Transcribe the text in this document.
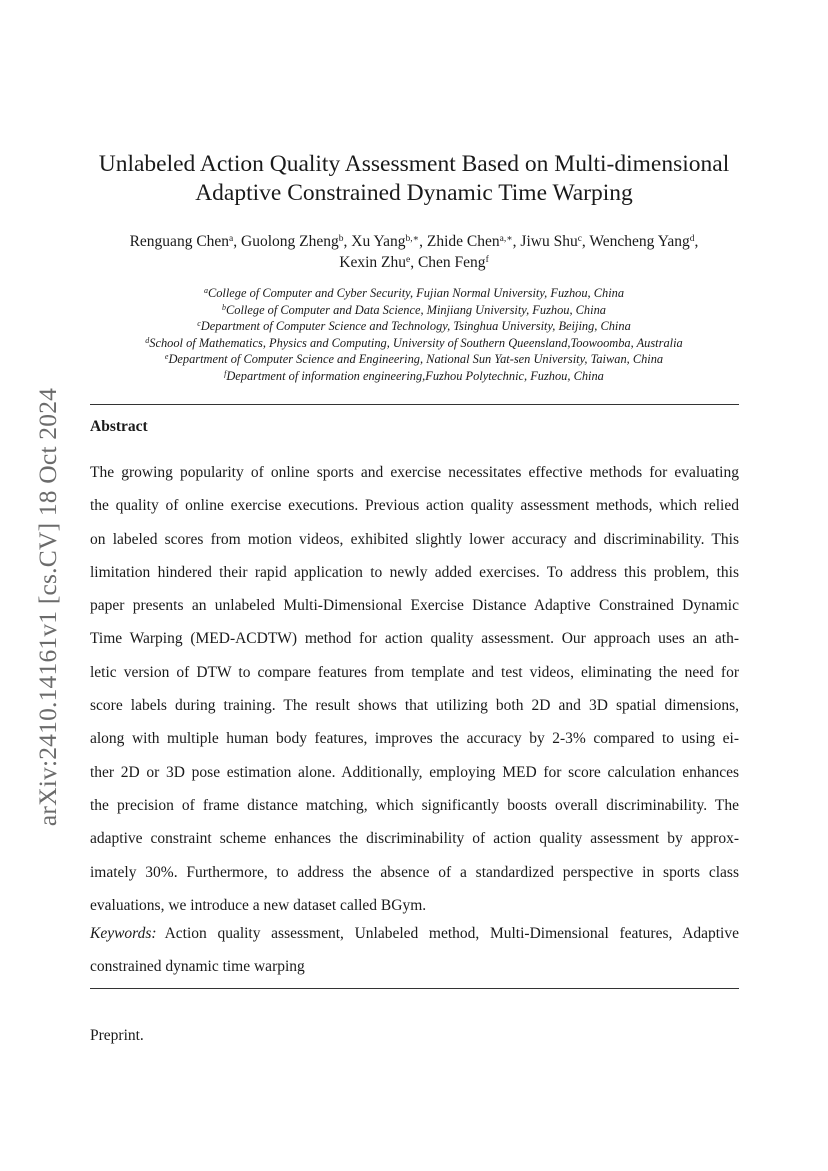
arXiv:2410.14161v1 [cs.CV] 18 Oct 2024
Unlabeled Action Quality Assessment Based on Multi-dimensional
Adaptive Constrained Dynamic Time Warping
Renguang Chen$^a$, Guolong Zheng$^b$, Xu Yang$^{b,∗}$, Zhide Chen$^{a,∗}$, Jiwu Shu$^c$, Wencheng Yang$^d$,
Kexin Zhu$^e$, Chen Feng$^f$
$^a$College of Computer and Cyber Security, Fujian Normal University, Fuzhou, China
$^b$College of Computer and Data Science, Minjiang University, Fuzhou, China
$^c$Department of Computer Science and Technology, Tsinghua University, Beijing, China
$^d$School of Mathematics, Physics and Computing, University of Southern Queensland,Toowoomba, Australia
$^e$Department of Computer Science and Engineering, National Sun Yat-sen University, Taiwan, China
$^f$Department of information engineering,Fuzhou Polytechnic, Fuzhou, China
Abstract
The growing popularity of online sports and exercise necessitates effective methods for evaluating
the quality of online exercise executions. Previous action quality assessment methods, which relied
on labeled scores from motion videos, exhibited slightly lower accuracy and discriminability. This
limitation hindered their rapid application to newly added exercises. To address this problem, this
paper presents an unlabeled Multi-Dimensional Exercise Distance Adaptive Constrained Dynamic
Time Warping (MED-ACDTW) method for action quality assessment. Our approach uses an ath-
letic version of DTW to compare features from template and test videos, eliminating the need for
score labels during training. The result shows that utilizing both 2D and 3D spatial dimensions,
along with multiple human body features, improves the accuracy by 2-3% compared to using ei-
ther 2D or 3D pose estimation alone. Additionally, employing MED for score calculation enhances
the precision of frame distance matching, which significantly boosts overall discriminability. The
adaptive constraint scheme enhances the discriminability of action quality assessment by approx-
imately 30%. Furthermore, to address the absence of a standardized perspective in sports class
evaluations, we introduce a new dataset called BGym.
Keywords: Action quality assessment, Unlabeled method, Multi-Dimensional features, Adaptive
constrained dynamic time warping
Preprint.
